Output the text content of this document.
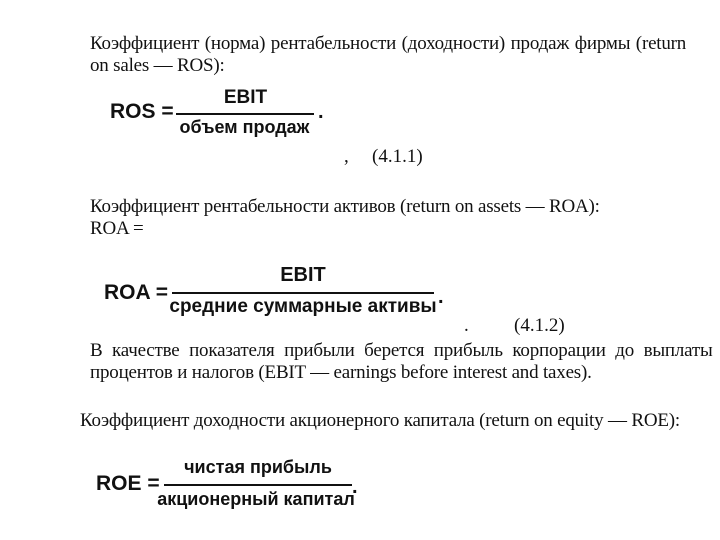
Коэффициент (норма) рентабельности (доходности) продаж фирмы (return
on sales — ROS):
ROS =
EBIT
объем продаж
.
, (4.1.1)
Коэффициент рентабельности активов (return on assets — ROA):
ROA =
ROA =
EBIT
средние суммарные активы .
. (4.1.2)
В качестве показателя прибыли берется прибыль корпорации до выплаты
процентов и налогов (EBIT — earnings before interest and taxes).
Коэффициент доходности акционерного капитала (return on equity — ROE):
ROE =
чистая прибыль
акционерный капитал
.
